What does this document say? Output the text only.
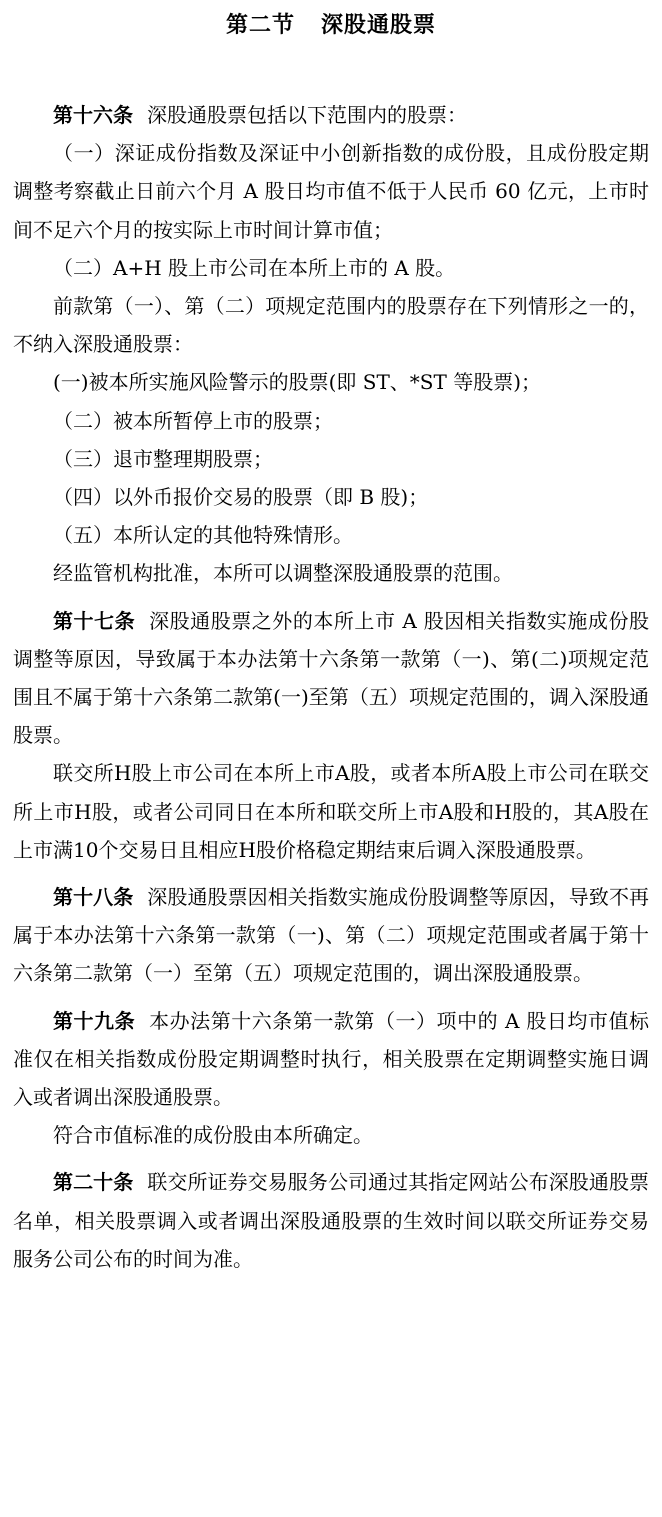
第二节 深股通股票

第十六条 深股通股票包括以下范围内的股票：

（一）深证成份指数及深证中小创新指数的成份股，且成份股定期调整考察截止日前六个月 A 股日均市值不低于人民币 60 亿元，上市时间不足六个月的按实际上市时间计算市值；

（二）A+H 股上市公司在本所上市的 A 股。

前款第（一）、第（二）项规定范围内的股票存在下列情形之一的，不纳入深股通股票：

(一)被本所实施风险警示的股票(即 ST、*ST 等股票)；

（二）被本所暂停上市的股票；

（三）退市整理期股票；

（四）以外币报价交易的股票（即 B 股)；

（五）本所认定的其他特殊情形。

经监管机构批准，本所可以调整深股通股票的范围。

第十七条 深股通股票之外的本所上市 A 股因相关指数实施成份股调整等原因，导致属于本办法第十六条第一款第（一)、第(二)项规定范围且不属于第十六条第二款第(一)至第（五）项规定范围的，调入深股通股票。

联交所H股上市公司在本所上市A股，或者本所A股上市公司在联交所上市H股，或者公司同日在本所和联交所上市A股和H股的，其A股在上市满10个交易日且相应H股价格稳定期结束后调入深股通股票。

第十八条 深股通股票因相关指数实施成份股调整等原因，导致不再属于本办法第十六条第一款第（一)、第（二）项规定范围或者属于第十六条第二款第（一）至第（五）项规定范围的，调出深股通股票。

第十九条 本办法第十六条第一款第（一）项中的 A 股日均市值标准仅在相关指数成份股定期调整时执行，相关股票在定期调整实施日调入或者调出深股通股票。

符合市值标准的成份股由本所确定。

第二十条 联交所证券交易服务公司通过其指定网站公布深股通股票名单，相关股票调入或者调出深股通股票的生效时间以联交所证券交易服务公司公布的时间为准。
